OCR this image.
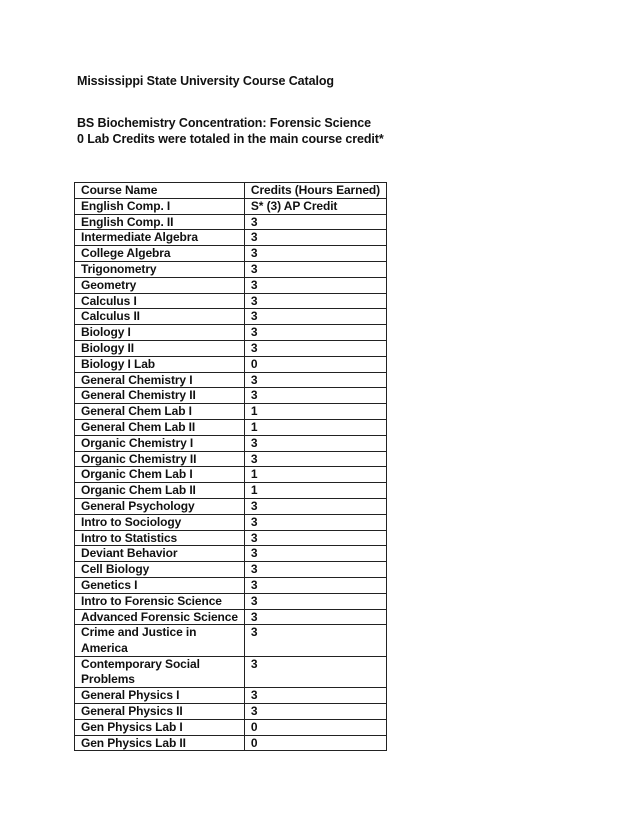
Mississippi State University Course Catalog
BS Biochemistry Concentration: Forensic Science
0 Lab Credits were totaled in the main course credit*
Course Name	Credits (Hours Earned)
English Comp. I	S* (3) AP Credit
English Comp. II	3
Intermediate Algebra	3
College Algebra	3
Trigonometry	3
Geometry	3
Calculus I	3
Calculus II	3
Biology I	3
Biology II	3
Biology I Lab	0
General Chemistry I	3
General Chemistry II	3
General Chem Lab I	1
General Chem Lab II	1
Organic Chemistry I	3
Organic Chemistry II	3
Organic Chem Lab I	1
Organic Chem Lab II	1
General Psychology	3
Intro to Sociology	3
Intro to Statistics	3
Deviant Behavior	3
Cell Biology	3
Genetics I	3
Intro to Forensic Science	3
Advanced Forensic Science	3
Crime and Justice in America	3
Contemporary Social Problems	3
General Physics I	3
General Physics II	3
Gen Physics Lab I	0
Gen Physics Lab II	0
